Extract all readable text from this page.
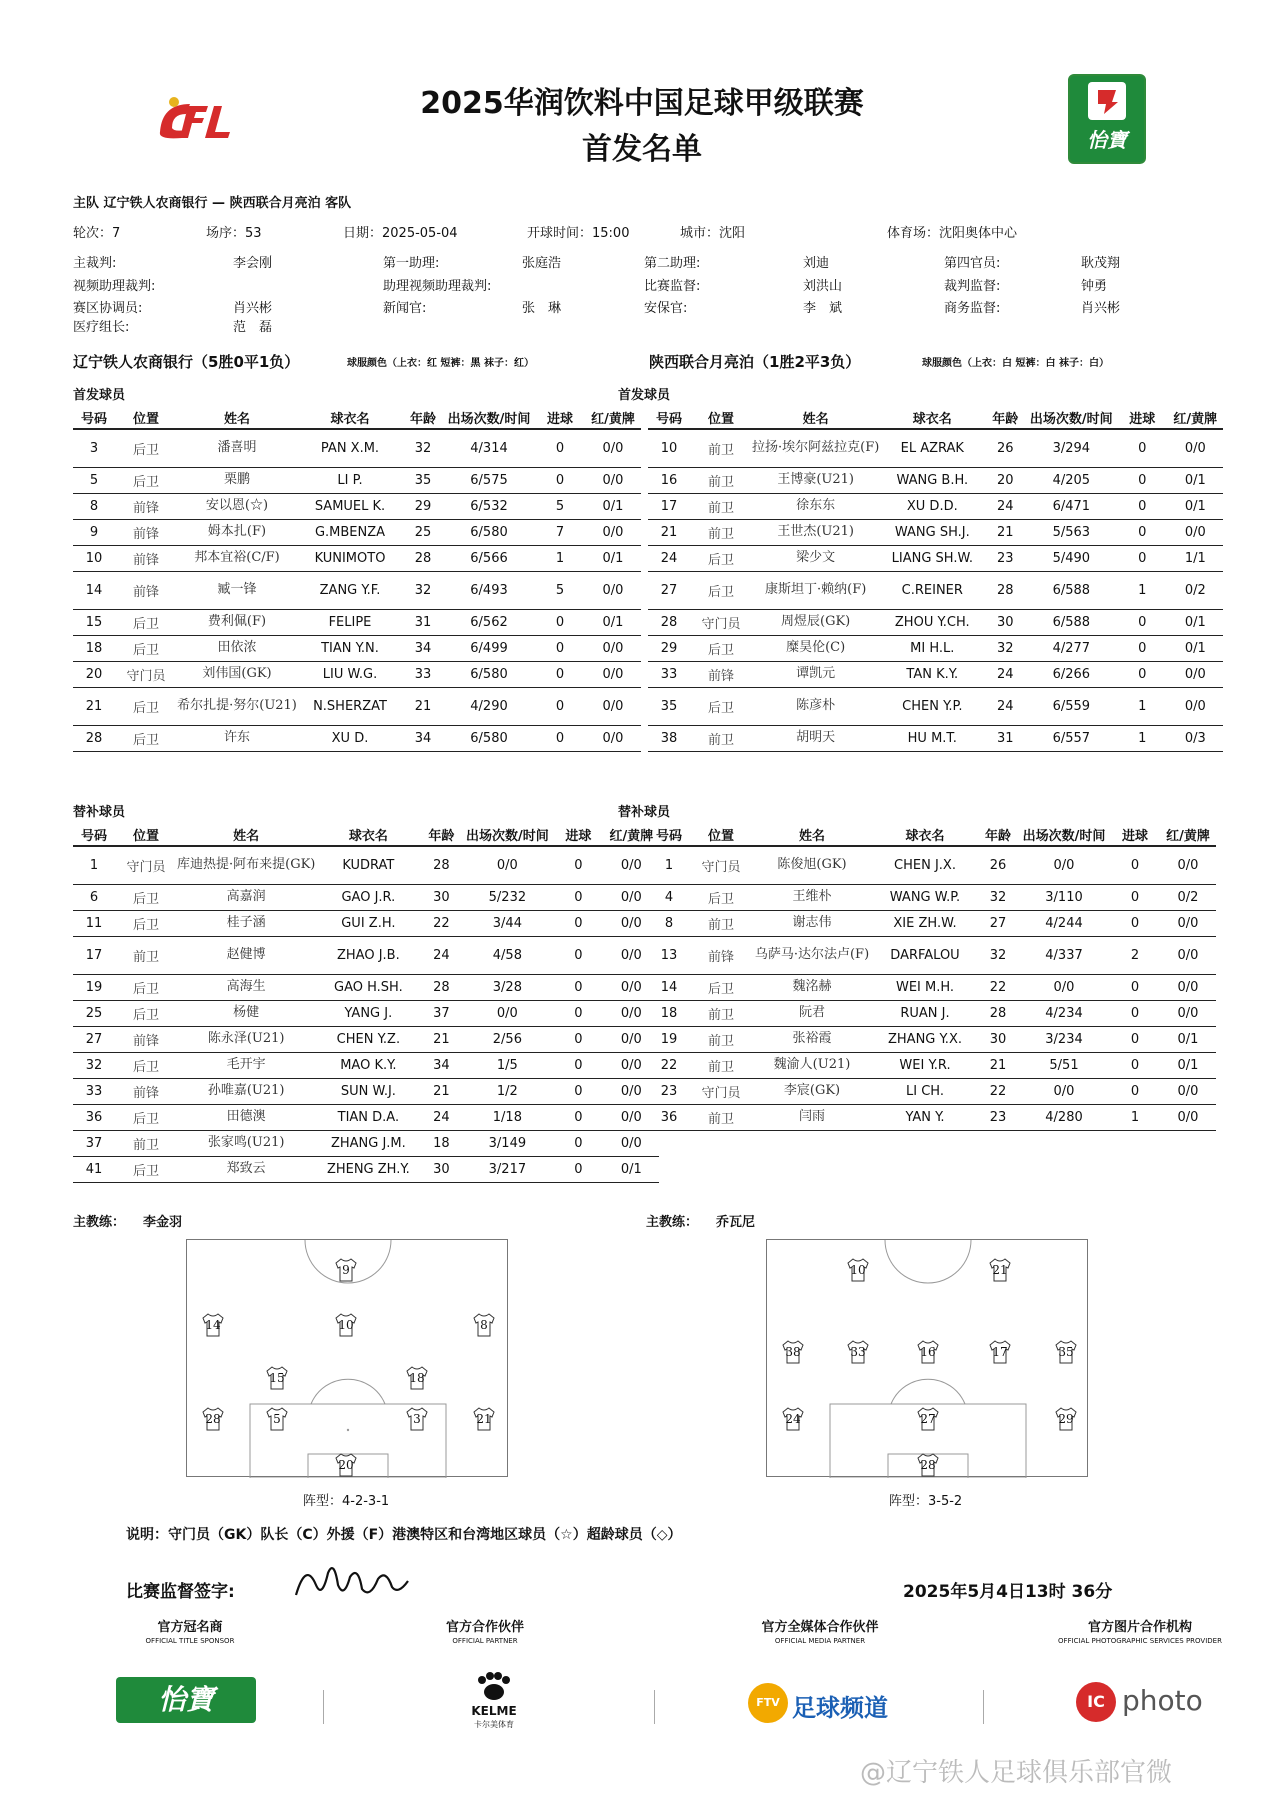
2025华润饮料中国足球甲级联赛
首发名单	怡寶
主队 辽宁铁人农商银行 — 陕西联合月亮泊 客队
轮次：7	场序：53	日期：2025-05-04	开球时间：15:00	城市：沈阳	体育场：沈阳奥体中心
主裁判:	李会刚	第一助理:	张庭浩	第二助理:	刘迪	第四官员:	耿茂翔
视频助理裁判:	助理视频助理裁判:	比赛监督:	刘洪山	裁判监督:	钟勇
赛区协调员:	肖兴彬	新闻官:	张　琳	安保官:	李　斌	商务监督:	肖兴彬
医疗组长:	范　磊
辽宁铁人农商银行（5胜0平1负）	球服颜色（上衣：红 短裤：黑 袜子：红）	陕西联合月亮泊（1胜2平3负）	球服颜色（上衣：白 短裤：白 袜子：白）
首发球员	首发球员
替补球员	替补球员
号码	位置	姓名	球衣名	年龄	出场次数/时间	进球	红/黄牌
3	后卫	潘喜明	PAN X.M.	32	4/314	0	0/0
5	后卫	栗鹏	LI P.	35	6/575	0	0/0
8	前锋	安以恩(☆)	SAMUEL K.	29	6/532	5	0/1
9	前锋	姆本扎(F)	G.MBENZA	25	6/580	7	0/0
10	前锋	邦本宜裕(C/F)	KUNIMOTO	28	6/566	1	0/1
14	前锋	臧一锋	ZANG Y.F.	32	6/493	5	0/0
15	后卫	费利佩(F)	FELIPE	31	6/562	0	0/1
18	后卫	田依浓	TIAN Y.N.	34	6/499	0	0/0
20	守门员	刘伟国(GK)	LIU W.G.	33	6/580	0	0/0
21	后卫	希尔扎提·努尔(U21)	N.SHERZAT	21	4/290	0	0/0
28	后卫	许东	XU D.	34	6/580	0	0/0
号码	位置	姓名	球衣名	年龄	出场次数/时间	进球	红/黄牌
10	前卫	拉扬·埃尔阿兹拉克(F)	EL AZRAK	26	3/294	0	0/0
16	前卫	王博豪(U21)	WANG B.H.	20	4/205	0	0/1
17	前卫	徐东东	XU D.D.	24	6/471	0	0/1
21	前卫	王世杰(U21)	WANG SH.J.	21	5/563	0	0/0
24	后卫	梁少文	LIANG SH.W.	23	5/490	0	1/1
27	后卫	康斯坦丁·赖纳(F)	C.REINER	28	6/588	1	0/2
28	守门员	周煜辰(GK)	ZHOU Y.CH.	30	6/588	0	0/1
29	后卫	糜昊伦(C)	MI H.L.	32	4/277	0	0/1
33	前锋	谭凯元	TAN K.Y.	24	6/266	0	0/0
35	后卫	陈彦朴	CHEN Y.P.	24	6/559	1	0/0
38	前卫	胡明天	HU M.T.	31	6/557	1	0/3
号码	位置	姓名	球衣名	年龄	出场次数/时间	进球	红/黄牌
1	守门员	库迪热提·阿布来提(GK)	KUDRAT	28	0/0	0	0/0
6	后卫	高嘉润	GAO J.R.	30	5/232	0	0/0
11	后卫	桂子涵	GUI Z.H.	22	3/44	0	0/0
17	前卫	赵健博	ZHAO J.B.	24	4/58	0	0/0
19	后卫	高海生	GAO H.SH.	28	3/28	0	0/0
25	后卫	杨健	YANG J.	37	0/0	0	0/0
27	前锋	陈永泽(U21)	CHEN Y.Z.	21	2/56	0	0/0
32	后卫	毛开宇	MAO K.Y.	34	1/5	0	0/0
33	前锋	孙唯嘉(U21)	SUN W.J.	21	1/2	0	0/0
36	后卫	田德澳	TIAN D.A.	24	1/18	0	0/0
37	前卫	张家鸣(U21)	ZHANG J.M.	18	3/149	0	0/0
41	后卫	郑致云	ZHENG ZH.Y.	30	3/217	0	0/1
号码	位置	姓名	球衣名	年龄	出场次数/时间	进球	红/黄牌
1	守门员	陈俊旭(GK)	CHEN J.X.	26	0/0	0	0/0
4	后卫	王维朴	WANG W.P.	32	3/110	0	0/2
8	前卫	谢志伟	XIE ZH.W.	27	4/244	0	0/0
13	前锋	乌萨马·达尔法卢(F)	DARFALOU	32	4/337	2	0/0
14	后卫	魏洺赫	WEI M.H.	22	0/0	0	0/0
18	前卫	阮君	RUAN J.	28	4/234	0	0/0
19	前卫	张裕霞	ZHANG Y.X.	30	3/234	0	0/1
22	前卫	魏渝人(U21)	WEI Y.R.	21	5/51	0	0/1
23	守门员	李宸(GK)	LI CH.	22	0/0	0	0/0
36	前卫	闫雨	YAN Y.	23	4/280	1	0/0
主教练： 李金羽	主教练： 乔瓦尼
9
14	10	8
15	18
28	5	3	21
20
10	21
38	33	16	17	35
24	27	29
28
阵型：4-2-3-1	阵型：3-5-2
说明：守门员（GK）队长（C）外援（F）港澳特区和台湾地区球员（☆）超龄球员（◇）
比赛监督签字:	2025年5月4日13时 36分
官方冠名商
OFFICIAL TITLE SPONSOR
官方合作伙伴
OFFICIAL PARTNER
官方全媒体合作伙伴
OFFICIAL MEDIA PARTNER
官方图片合作机构
OFFICIAL PHOTOGRAPHIC SERVICES PROVIDER
怡寶	KELME
卡尔美体育
FTV 足球频道	IC photo
@辽宁铁人足球俱乐部官微
